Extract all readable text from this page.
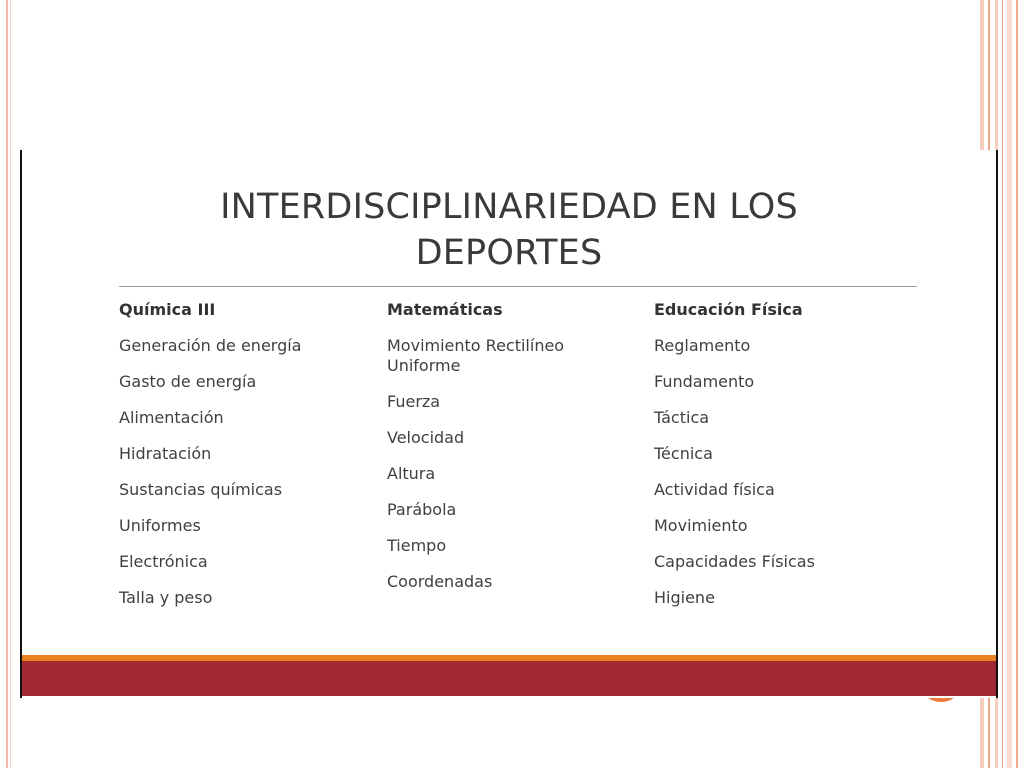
INTERDISCIPLINARIEDAD EN LOS
DEPORTES
Química III
Generación de energía
Gasto de energía
Alimentación
Hidratación
Sustancias químicas
Uniformes
Electrónica
Talla y peso
Matemáticas
Movimiento Rectilíneo Uniforme
Fuerza
Velocidad
Altura
Parábola
Tiempo
Coordenadas
Educación Física
Reglamento
Fundamento
Táctica
Técnica
Actividad física
Movimiento
Capacidades Físicas
Higiene
